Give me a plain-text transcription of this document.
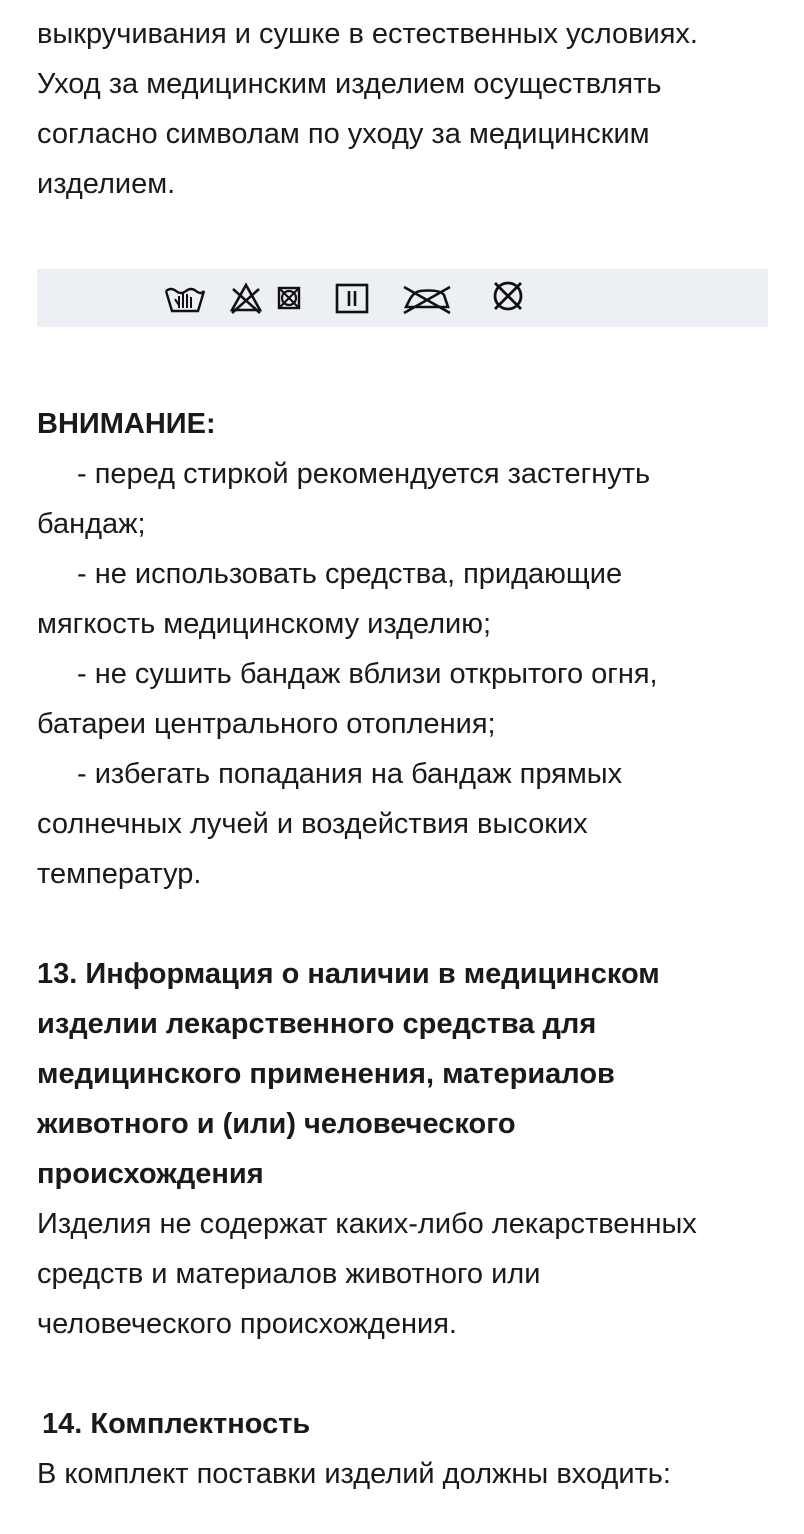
выкручивания и сушке в естественных условиях.

Уход за медицинским изделием осуществлять

согласно символам по уходу за медицинским

изделием.

ВНИМАНИЕ:

- перед стиркой рекомендуется застегнуть

бандаж;

- не использовать средства, придающие

мягкость медицинскому изделию;

- не сушить бандаж вблизи открытого огня,

батареи центрального отопления;

- избегать попадания на бандаж прямых

солнечных лучей и воздействия высоких

температур.

13. Информация о наличии в медицинском

изделии лекарственного средства для

медицинского применения, материалов

животного и (или) человеческого

происхождения

Изделия не содержат каких-либо лекарственных

средств и материалов животного или

человеческого происхождения.

14. Комплектность

В комплект поставки изделий должны входить:
